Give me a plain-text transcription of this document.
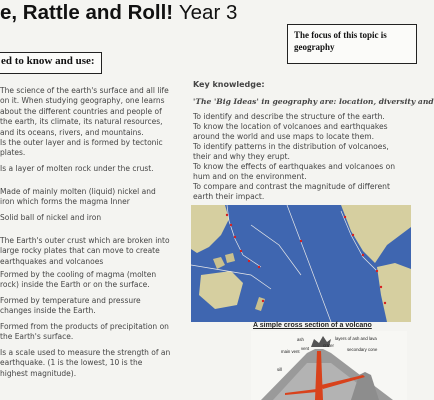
e, Rattle and Roll! Year 3
The focus of this topic is geography
ed to know and use:
The science of the earth's surface and all life on it. When studying geography, one learns about the different countries and people of the earth, its climate, its natural resources, and its oceans, rivers, and mountains.
Is the outer layer and is formed by tectonic plates.
Is a layer of molten rock under the crust.
Made of mainly molten (liquid) nickel and iron which forms the magma Inner
Solid ball of nickel and iron
The Earth's outer crust which are broken into large rocky plates that can move to create earthquakes and volcanoes
Formed by the cooling of magma (molten rock) inside the Earth or on the surface.
Formed by temperature and pressure changes inside the Earth.
Formed from the products of precipitation on the Earth's surface.
Is a scale used to measure the strength of an earthquake. (1 is the lowest, 10 is the highest magnitude).
Key knowledge:
'The 'Big Ideas' in geography are: location, diversity and
To identify and describe the structure of the earth.
To know the location of volcanoes and earthquakes around the world and use maps to locate them.
To identify patterns in the distribution of volcanoes, their and why they erupt.
To know the effects of earthquakes and volcanoes on hum and on the environment.
To compare and contrast the magnitude of different earth their impact.
A simple cross section of a volcano
ash	layers of ash and lava
crater
vent
main vent	secondary cone
sill
